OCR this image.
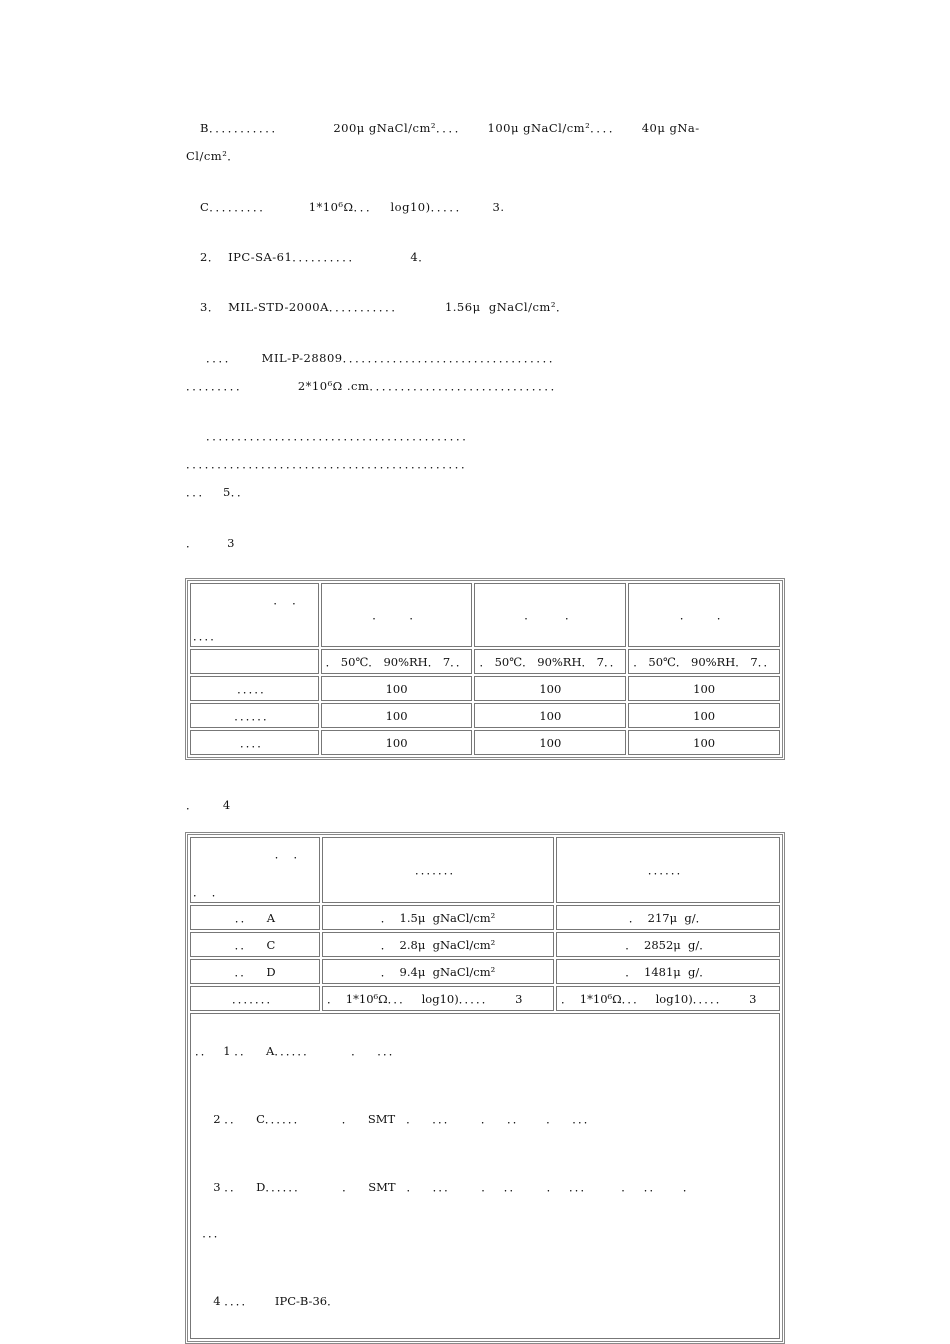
B．．．．．．．．．．．            200μ gNaCl/cm²．．．．     100μ gNaCl/cm²．．．．     40μ gNa-
Cl/cm²．
C．．．．．．．．．         1*10⁶Ω．．．   log10)．．．．．      3.
2．  IPC-SA-61．．．．．．．．．．            4．
3．  MIL-STD-2000A．．．．．．．．．．．          1.56μ  gNaCl/cm²．
．．．．      MIL-P-28809．．．．．．．．．．．．．．．．．．．．．．．．．．．．．．．．．．
．．．．．．．．．            2*10⁶Ω .cm．．．．．．．．．．．．．．．．．．．．．．．．．．．．．．
．．．．．．．．．．．．．．．．．．．．．．．．．．．．．．．．．．．．．．．．．．
．．．．．．．．．．．．．．．．．．．．．．．．．．．．．．．．．．．．．．．．．．．．．
．．．   5．．
．       3

．  ．

．．．．	．       ．	．        ．	．       ．
	． 50℃． 90%RH． 7．．	． 50℃． 90%RH． 7．．	． 50℃． 90%RH． 7．．
．．．．．	100	100	100
．．．．．．	100	100	100
．．．．	100	100	100
．      4

．  ．

．  ．	．．．．．．．	．．．．．．
．．    A	．  1.5μ  gNaCl/cm²	．  217μ  g/．
．．    C	．  2.8μ  gNaCl/cm²	．  2852μ  g/．
．．    D	．  9.4μ  gNaCl/cm²	．  1481μ  g/．
．．．．．．．	．  1*10⁶Ω．．．   log10)．．．．．      3	．  1*10⁶Ω．．．   log10)．．．．．      3

．．   1 ．．    A．．．．．．          ．    ．．．

2 ．．    C．．．．．．          ．    SMT   ．    ．．．       ．    ．．      ．    ．．．

3 ．．    D．．．．．．          ．    SMT   ．    ．．．       ．   ．．       ．   ．．．        ．   ．．      ．

．．．

4 ．．．．      IPC-B-36．		
